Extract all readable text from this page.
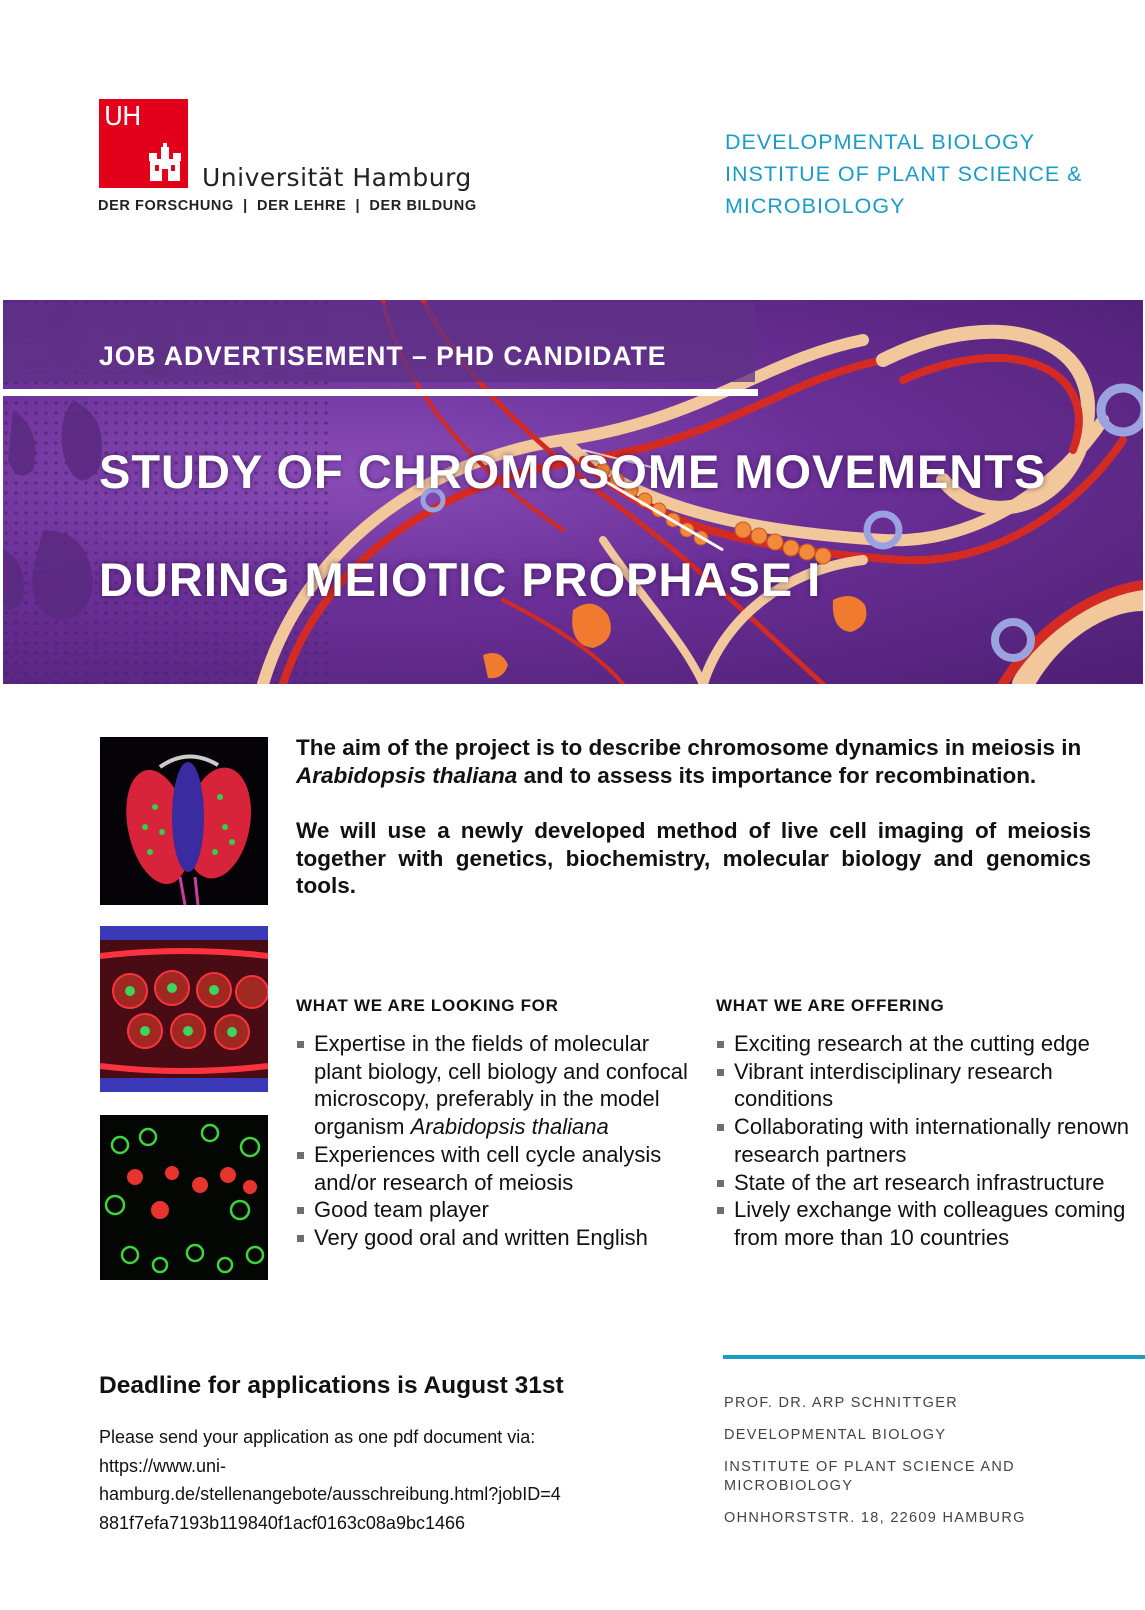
UH
Universität Hamburg
DER FORSCHUNG  |  DER LEHRE  |  DER BILDUNG
DEVELOPMENTAL BIOLOGY
INSTITUE OF PLANT SCIENCE &
MICROBIOLOGY
JOB ADVERTISEMENT – PHD CANDIDATE
STUDY OF CHROMOSOME MOVEMENTS
DURING MEIOTIC PROPHASE I
The aim of the project is to describe chromosome dynamics in meiosis in
Arabidopsis thaliana and to assess its importance for recombination.
We will use a newly developed method of live cell imaging of meiosis together with genetics, biochemistry, molecular biology and genomics tools.
WHAT WE ARE LOOKING FOR
Expertise in the fields of molecular plant biology, cell biology and confocal microscopy, preferably in the model organism Arabidopsis thaliana
Experiences with cell cycle analysis and/or research of meiosis
Good team player
Very good oral and written English
WHAT WE ARE OFFERING
Exciting research at the cutting edge
Vibrant interdisciplinary research conditions
Collaborating with internationally renown research partners
State of the art research infrastructure
Lively exchange with colleagues coming from more than 10 countries
Deadline for applications is August 31st
Please send your application as one pdf document via:
https://www.uni-
hamburg.de/stellenangebote/ausschreibung.html?jobID=4
881f7efa7193b119840f1acf0163c08a9bc1466
PROF. DR. ARP SCHNITTGER
DEVELOPMENTAL BIOLOGY
INSTITUTE OF PLANT SCIENCE AND
MICROBIOLOGY
OHNHORSTSTR. 18, 22609 HAMBURG
